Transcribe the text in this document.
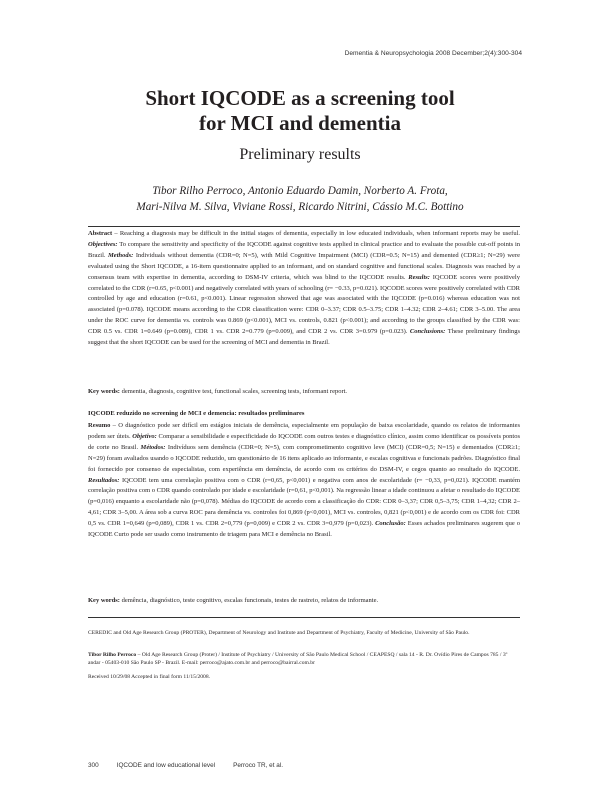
Dementia & Neuropsychologia 2008 December;2(4):300-304
Short IQCODE as a screening tool
for MCI and dementia
Preliminary results
Tibor Rilho Perroco, Antonio Eduardo Damin, Norberto A. Frota,
Mari-Nilva M. Silva, Viviane Rossi, Ricardo Nitrini, Cássio M.C. Bottino
Abstract – Reaching a diagnosis may be difficult in the initial stages of dementia, especially in low educated individuals, when informant reports may be useful. Objectives: To compare the sensitivity and specificity of the IQCODE against cognitive tests applied in clinical practice and to evaluate the possible cut-off points in Brazil. Methods: Individuals without dementia (CDR=0; N=5), with Mild Cognitive Impairment (MCI) (CDR=0.5; N=15) and demented (CDR≥1; N=29) were evaluated using the Short IQCODE, a 16-item questionnaire applied to an informant, and on standard cognitive and functional scales. Diagnosis was reached by a consensus team with expertise in dementia, according to DSM-IV criteria, which was blind to the IQCODE results. Results: IQCODE scores were positively correlated to the CDR (r=0.65, p<0.001) and negatively correlated with years of schooling (r= −0.33, p=0.021). IQCODE scores were positively correlated with CDR controlled by age and education (r=0.61, p<0.001). Linear regression showed that age was associated with the IQCODE (p=0.016) whereas education was not associated (p=0.078). IQCODE means according to the CDR classification were: CDR 0–3.37; CDR 0.5–3.75; CDR 1–4.32; CDR 2–4.61; CDR 3–5.00. The area under the ROC curve for dementia vs. controls was 0.869 (p<0.001), MCI vs. controls, 0.821 (p<0.001); and according to the groups classified by the CDR was: CDR 0.5 vs. CDR 1=0.649 (p=0.089), CDR 1 vs. CDR 2=0.779 (p=0.009), and CDR 2 vs. CDR 3=0.979 (p=0.023). Conclusions: These preliminary findings suggest that the short IQCODE can be used for the screening of MCI and dementia in Brazil.
Key words: dementia, diagnosis, cognitive test, functional scales, screening tests, informant report.
IQCODE reduzido no screening de MCI e demencia: resultados preliminares
Resumo – O diagnóstico pode ser difícil em estágios iniciais de demência, especialmente em população de baixa escolaridade, quando os relatos de informantes podem ser úteis. Objetivo: Comparar a sensibilidade e especificidade do IQCODE com outros testes e diagnóstico clínico, assim como identificar os possíveis pontos de corte no Brasil. Métodos: Indivíduos sem demência (CDR=0; N=5), com comprometimento cognitivo leve (MCI) (CDR=0,5; N=15) e dementados (CDR≥1; N=29) foram avaliados usando o IQCODE reduzido, um questionário de 16 itens aplicado ao informante, e escalas cognitivas e funcionais padrões. Diagnóstico final foi fornecido por consenso de especialistas, com experiência em demência, de acordo com os critérios do DSM-IV, e cegos quanto ao resultado do IQCODE. Resultados: IQCODE tem uma correlação positiva com o CDR (r=0,65, p<0,001) e negativa com anos de escolaridade (r= −0,33, p=0,021). IQCODE mantém correlação positiva com o CDR quando controlado por idade e escolaridade (r=0,61, p<0,001). Na regressão linear a idade continuou a afetar o resultado do IQCODE (p=0,016) enquanto a escolaridade não (p=0,078). Médias do IQCODE de acordo com a classificação do CDR: CDR 0–3,37; CDR 0,5–3,75; CDR 1–4,32; CDR 2–4,61; CDR 3–5,00. A área sob a curva ROC para demência vs. controles foi 0,869 (p<0,001), MCI vs. controles, 0,821 (p<0,001) e de acordo com os CDR foi: CDR 0,5 vs. CDR 1=0,649 (p=0,089), CDR 1 vs. CDR 2=0,779 (p=0,009) e CDR 2 vs. CDR 3=0,979 (p=0,023). Conclusão: Esses achados preliminares sugerem que o IQCODE Curto pode ser usado como instrumento de triagem para MCI e demência no Brasil.
Key words: demência, diagnóstico, teste cognitivo, escalas funcionais, testes de rastreio, relatos de informante.
CEREDIC and Old Age Research Group (PROTER), Department of Neurology and Institute and Department of Psychiatry, Faculty of Medicine, University of São Paulo.
Tibor Rilho Perroco – Old Age Research Group (Proter) / Institute of Psychiatry / University of São Paulo Medical School / CEAPESQ / sala 14 - R. Dr. Ovídio Pires de Campos 785 / 3º andar - 05403-010 São Paulo SP - Brazil. E-mail: perroco@ajato.com.br and perroco@bairral.com.br
Received 10/29/08 Accepted in final form 11/15/2008.
300	IQCODE and low educational level	Perroco TR, et al.
